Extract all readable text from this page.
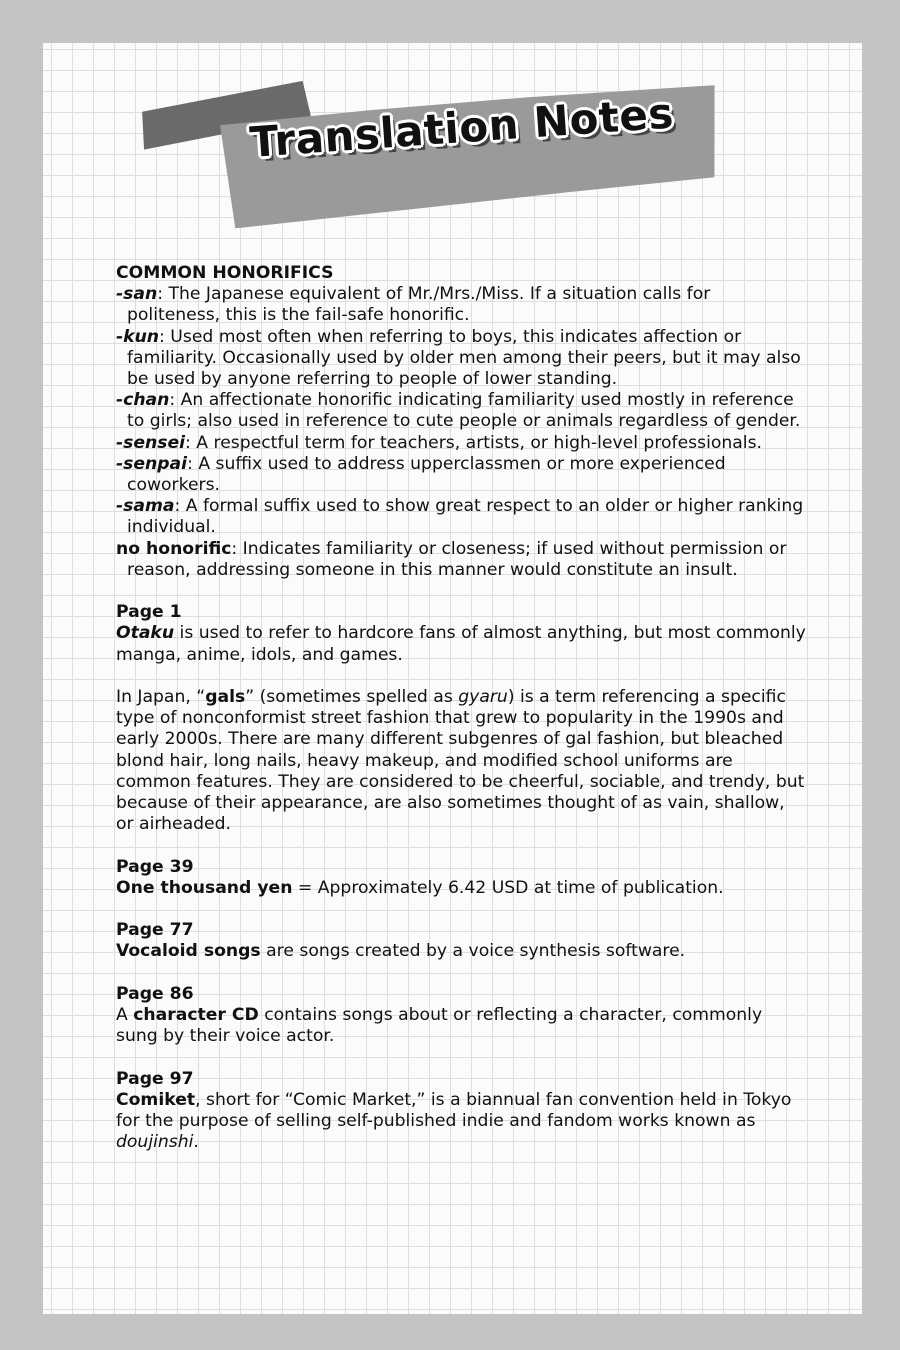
Translation Notes

COMMON HONORIFICS

-san: The Japanese equivalent of Mr./Mrs./Miss. If a situation calls for politeness, this is the fail-safe honorific.

-kun: Used most often when referring to boys, this indicates affection or familiarity. Occasionally used by older men among their peers, but it may also be used by anyone referring to people of lower standing.

-chan: An affectionate honorific indicating familiarity used mostly in reference to girls; also used in reference to cute people or animals regardless of gender.

-sensei: A respectful term for teachers, artists, or high-level professionals.

-senpai: A suffix used to address upperclassmen or more experienced coworkers.

-sama: A formal suffix used to show great respect to an older or higher ranking individual.

no honorific: Indicates familiarity or closeness; if used without permission or reason, addressing someone in this manner would constitute an insult.

Page 1

Otaku is used to refer to hardcore fans of almost anything, but most commonly manga, anime, idols, and games.

In Japan, “gals” (sometimes spelled as gyaru) is a term referencing a specific type of nonconformist street fashion that grew to popularity in the 1990s and early 2000s. There are many different subgenres of gal fashion, but bleached blond hair, long nails, heavy makeup, and modified school uniforms are common features. They are considered to be cheerful, sociable, and trendy, but because of their appearance, are also sometimes thought of as vain, shallow, or airheaded.

Page 39

One thousand yen = Approximately 6.42 USD at time of publication.

Page 77

Vocaloid songs are songs created by a voice synthesis software.

Page 86

A character CD contains songs about or reflecting a character, commonly sung by their voice actor.

Page 97

Comiket, short for “Comic Market,” is a biannual fan convention held in Tokyo for the purpose of selling self-published indie and fandom works known as doujinshi.
